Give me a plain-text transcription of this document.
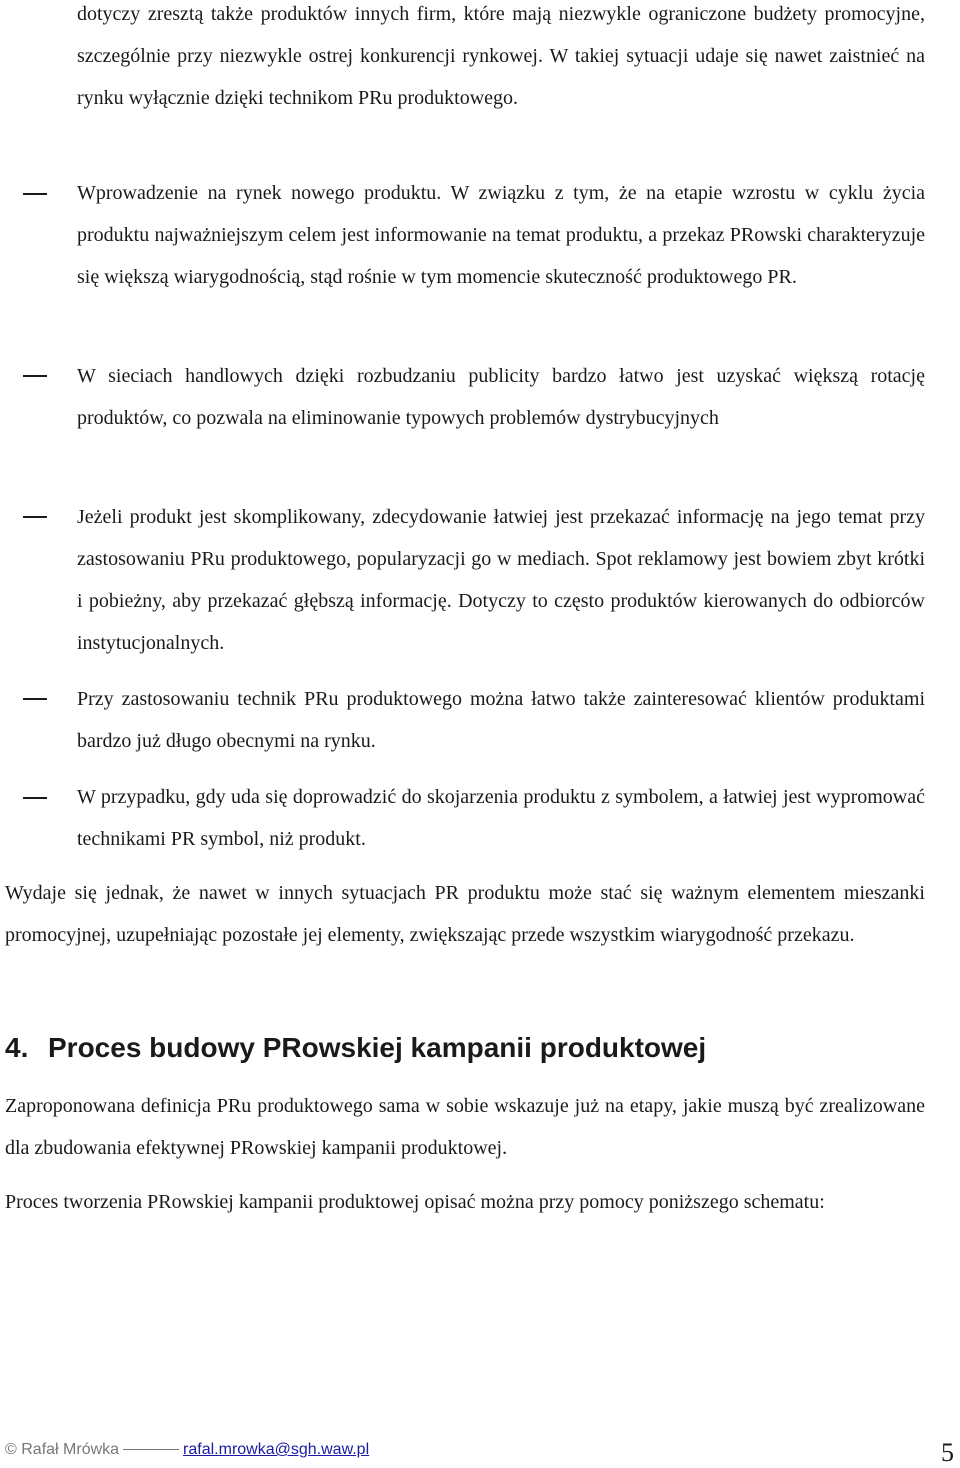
dotyczy zresztą także produktów innych firm, które mają niezwykle ograniczone budżety promocyjne, szczególnie przy niezwykle ostrej konkurencji rynkowej. W takiej sytuacji udaje się nawet zaistnieć na rynku wyłącznie dzięki technikom PRu produktowego.

Wprowadzenie na rynek nowego produktu. W związku z tym, że na etapie wzrostu w cyklu życia produktu najważniejszym celem jest informowanie na temat produktu, a przekaz PRowski charakteryzuje się większą wiarygodnością, stąd rośnie w tym momencie skuteczność produktowego PR.

W sieciach handlowych dzięki rozbudzaniu publicity bardzo łatwo jest uzyskać większą rotację produktów, co pozwala na eliminowanie typowych problemów dystrybucyjnych

Jeżeli produkt jest skomplikowany, zdecydowanie łatwiej jest przekazać informację na jego temat przy zastosowaniu PRu produktowego, popularyzacji go w mediach. Spot reklamowy jest bowiem zbyt krótki i pobieżny, aby przekazać głębszą informację. Dotyczy to często produktów kierowanych do odbiorców instytucjonalnych.

Przy zastosowaniu technik PRu produktowego można łatwo także zainteresować klientów produktami bardzo już długo obecnymi na rynku.

W przypadku, gdy uda się doprowadzić do skojarzenia produktu z symbolem, a łatwiej jest wypromować technikami PR symbol, niż produkt.

Wydaje się jednak, że nawet w innych sytuacjach PR produktu może stać się ważnym elementem mieszanki promocyjnej, uzupełniając pozostałe jej elementy, zwiększając przede wszystkim wiarygodność przekazu.

4. Proces budowy PRowskiej kampanii produktowej

Zaproponowana definicja PRu produktowego sama w sobie wskazuje już na etapy, jakie muszą być zrealizowane dla zbudowania efektywnej PRowskiej kampanii produktowej.

Proces tworzenia PRowskiej kampanii produktowej opisać można przy pomocy poniższego schematu:

© Rafał Mrówka	rafal.mrowka@sgh.waw.pl	5
